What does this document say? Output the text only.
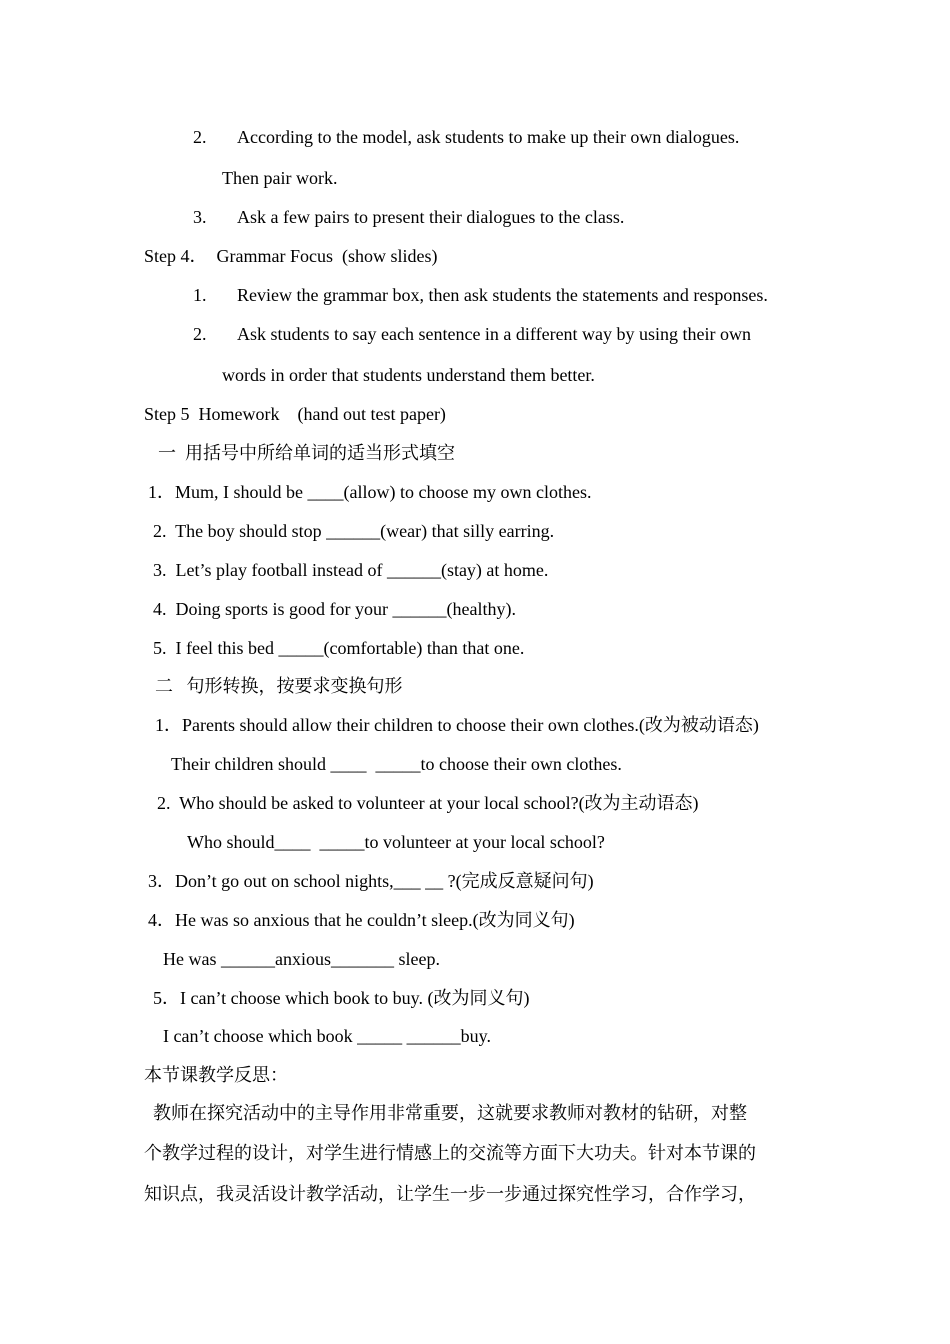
2. According to the model, ask students to make up their own dialogues.
Then pair work.
3. Ask a few pairs to present their dialogues to the class.
Step 4．  Grammar Focus  (show slides)
1. Review the grammar box, then ask students the statements and responses.
2. Ask students to say each sentence in a different way by using their own
words in order that students understand them better.
Step 5  Homework    (hand out test paper)
一  用括号中所给单词的适当形式填空
1．Mum, I should be ____(allow) to choose my own clothes.
2.  The boy should stop ______(wear) that silly earring.
3.  Let’s play football instead of ______(stay) at home.
4.  Doing sports is good for your ______(healthy).
5.  I feel this bed _____(comfortable) than that one.
二   句形转换，按要求变换句形
1．Parents should allow their children to choose their own clothes.(改为被动语态)
Their children should ____  _____to choose their own clothes.
2.  Who should be asked to volunteer at your local school?(改为主动语态)
Who should____  _____to volunteer at your local school?
3．Don’t go out on school nights,___ __ ?(完成反意疑问句)
4．He was so anxious that he couldn’t sleep.(改为同义句)
He was ______anxious_______ sleep.
5．I can’t choose which book to buy. (改为同义句)
I can’t choose which book _____ ______buy.
本节课教学反思：
教师在探究活动中的主导作用非常重要，这就要求教师对教材的钻研，对整
个教学过程的设计，对学生进行情感上的交流等方面下大功夫。针对本节课的
知识点，我灵活设计教学活动，让学生一步一步通过探究性学习，合作学习，
